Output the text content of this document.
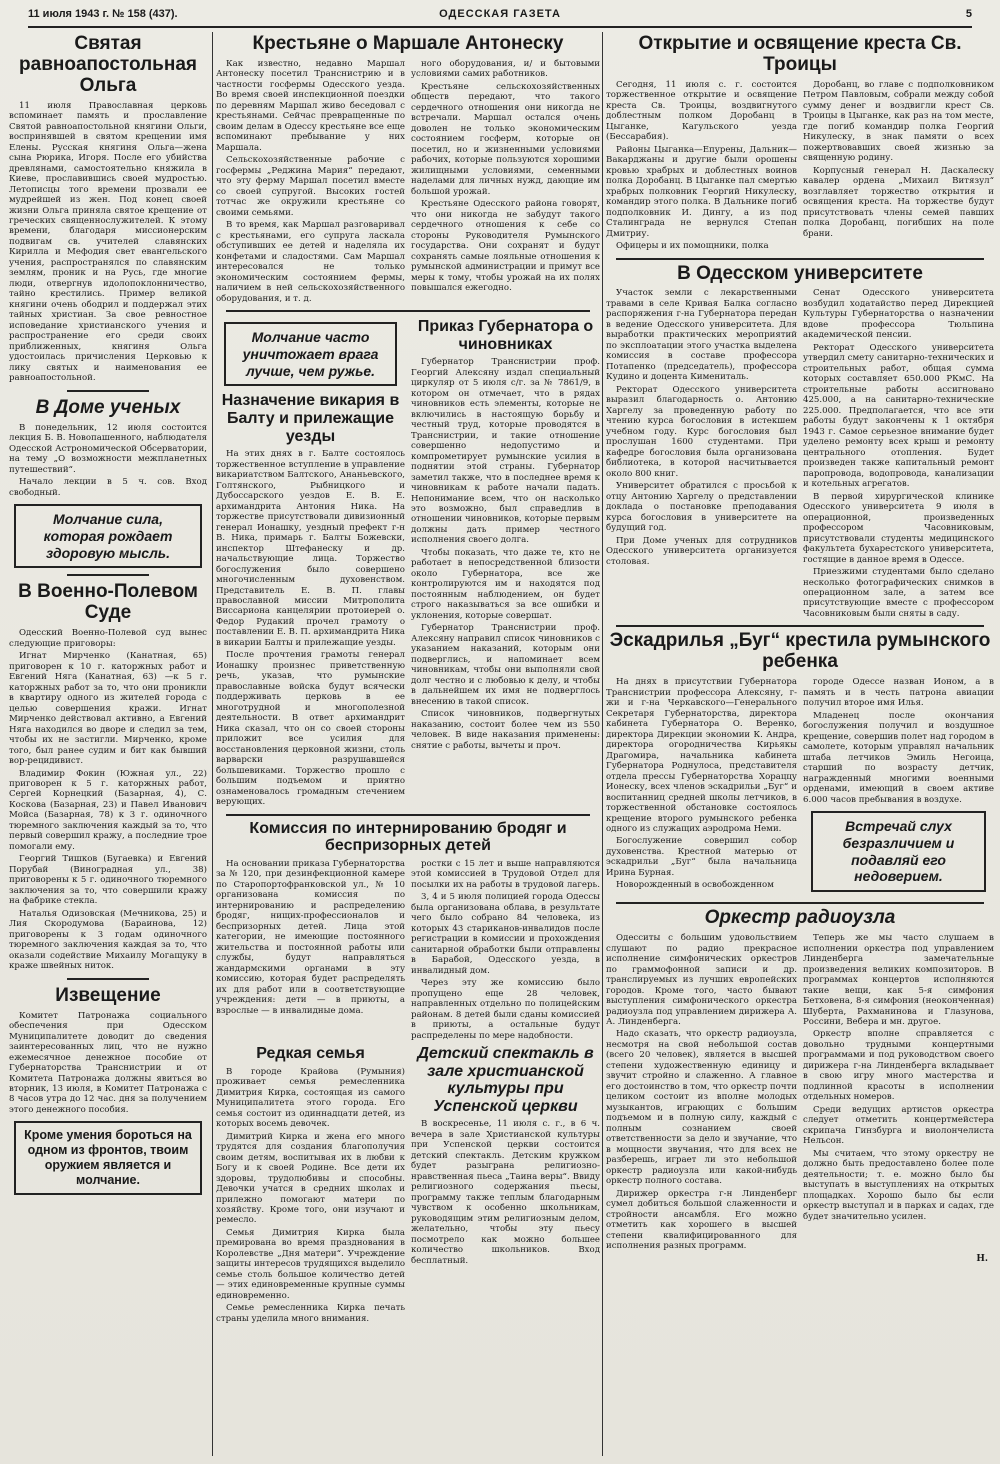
11 июля 1943 г. № 158 (437).	ОДЕССКАЯ ГАЗЕТА	5
Святая равноапостольная Ольга

11 июля Православная церковь вспоминает память и прославление Святой равноапостольной княгини Ольги, воспринявшей в святом крещении имя Елены. Русская княгиня Ольга—жена сына Рюрика, Игоря. После его убийства древлянами, самостоятельно княжила в Киеве, прославившись своей мудростью. Летописцы того времени прозвали ее мудрейшей из жен. Под конец своей жизни Ольга приняла святое крещение от греческих священнослужителей. К этому времени, благодаря миссионерским подвигам св. учителей славянских Кирилла и Мефодия свет евангельского учения, распространялся по славянским землям, проник и на Русь, где многие люди, отвергнув идолопоклонничество, тайно крестились. Пример великой княгини очень ободрил и поддержал этих тайных христиан. За свое ревностное исповедание христианского учения и распространение его среди своих приближенных, княгиня Ольга удостоилась причисления Церковью к лику святых и наименования ее равноапостольной.

В Доме ученых

В понедельник, 12 июля состоится лекция Б. В. Новопашенного, наблюдателя Одесской Астрономической Обсерватории, на тему „О возможности межпланетных путешествий“.

Начало лекции в 5 ч. сов. Вход свободный.

Молчание сила, которая рождает здоровую мысль.
В Военно-Полевом Суде

Одесский Военно-Полевой суд вынес следующие приговоры:

Игнат Мирченко (Канатная, 65) приговорен к 10 г. каторжных работ и Евгений Няга (Канатная, 63) —к 5 г. каторжных работ за то, что они проникли в квартиру одного из жителей города с целью совершения кражи. Игнат Мирченко действовал активно, а Евгений Няга находился во дворе и следил за тем, чтобы их не застигли. Мирченко, кроме того, был ранее судим и бит как бывший вор-рецидивист.

Владимир Фокин (Южная ул., 22) приговорен к 5 г. каторжных работ, Сергей Корнецкий (Базарная, 4), С. Коскова (Базарная, 23) и Павел Иванович Мойса (Базарная, 78) к 3 г. одиночного тюремного заключения каждый за то, что первый совершил кражу, а последние трое помогали ему.

Георгий Тишков (Бугаевка) и Евгений Порубай (Виноградная ул., 38) приговорены к 5 г. одиночного тюремного заключения за то, что совершили кражу на фабрике стекла.

Наталья Одизовская (Мечникова, 25) и Лия Скородумова (Бараинова, 12) приговорены к 3 годам одиночного тюремного заключения каждая за то, что оказали содействие Михаилу Могащуку в краже швейных ниток.

Извещение

Комитет Патронажа социального обеспечения при Одесском Муниципалитете доводит до сведения заинтересованных лиц, что не нужно ежемесячное денежное пособие от Губернаторства Транснистрии и от Комитета Патронажа должны явиться во вторник, 13 июля, в Комитет Патронажа с 8 часов утра до 12 час. дня за получением этого денежного пособия.

Кроме умения бороться на одном из фронтов, твоим оружием является и молчание.
Крестьяне о Маршале Антонеску

Как известно, недавно Маршал Антонеску посетил Транснистрию и в частности госфермы Одесского уезда. Во время своей инспекционной поездки по деревням Маршал живо беседовал с крестьянами. Сейчас превращенные по своим делам в Одессу крестьяне все еще вспоминают пребывание у них Маршала.

Сельскохозяйственные рабочие с госфермы „Реджина Мария“ передают, что эту ферму Маршал посетил вместе со своей супругой. Высоких гостей тотчас же окружили крестьяне со своими семьями.

В то время, как Маршал разговаривал с крестьянами, его супруга ласкала обступивших ее детей и наделяла их конфетами и сладостями. Сам Маршал интересовался не только экономическим состоянием фермы, наличием в ней сельскохозяйственного оборудования, и т. д.

ного оборудования, и/ и бытовыми условиями самих работников.

Крестьяне сельскохозяйственных обществ передают, что такого сердечного отношения они никогда не встречали. Маршал остался очень доволен не только экономическим состоянием госферм, которые он посетил, но и жизненными условиями рабочих, которые пользуются хорошими жилищными условиями, семенными наделами для личных нужд, дающие им большой урожай.

Крестьяне Одесского района говорят, что они никогда не забудут такого сердечного отношения к себе со стороны Руководителя Румынского государства. Они сохранят и будут сохранять самые лояльные отношения к румынской администрации и примут все меры к тому, чтобы урожай на их полях повышался ежегодно.

Молчание часто уничтожает врага лучше, чем ружье.
Назначение викария в Балту и прилежащие уезды

На этих днях в г. Балте состоялось торжественное вступление в управление викариатством Балтского, Ананьевского, Голтянского, Рыбницкого и Дубоссарского уездов Е. В. Е. архимандрита Антония Ника. На торжестве присутствовали дивизионный генерал Ионашку, уездный префект г-н В. Ника, примарь г. Балты Божевски, инспектор Штефанеску и др. начальствующие лица. Торжество богослужения было совершено многочисленным духовенством. Представитель Е. В. П. главы православной миссии Митрополита Виссариона канцелярии протоиерей о. Федор Рудакий прочел грамоту о поставлении Е. В. П. архимандрита Ника в викарии Балты и прилежащие уезды.

После прочтения грамоты генерал Ионашку произнес приветственную речь, указав, что румынские православные войска будут всячески поддерживать церковь в ее многотрудной и многополезной деятельности. В ответ архимандрит Ника сказал, что он со своей стороны приложит все усилия для восстановления церковной жизни, столь варварски разрушавшейся большевиками. Торжество прошло с большим подъемом и приятно ознаменовалось громадным стечением верующих.

Приказ Губернатора о чиновниках

Губернатор Транснистрии проф. Георгий Алексяну издал специальный циркуляр от 5 июля с/г. за № 7861/9, в котором он отмечает, что в рядах чиновников есть элементы, которые не включились в настоящую борьбу и честный труд, которые проводятся в Транснистрии, и такие отношение совершенно недопустимо и компрометирует румынские усилия в поднятии этой страны. Губернатор заметил также, что в последнее время к чиновникам к работе начали падать. Непонимание всем, что он насколько это возможно, был справедлив в отношении чиновников, которые первым должны дать пример честного исполнения своего долга.

Чтобы показать, что даже те, кто не работает в непосредственной близости около Губернатора, все же контролируются им и находятся под постоянным наблюдением, он будет строго наказываться за все ошибки и уклонения, которые совершат.

Губернатор Транснистрии проф. Алексяну направил список чиновников с указанием наказаний, которым они подверглись, и напоминает всем чиновникам, чтобы они выполняли свой долг честно и с любовью к делу, и чтобы в дальнейшем их имя не подверглось внесению в такой список.

Список чиновников, подвергнутых наказанию, состоит более чем из 550 человек. В виде наказания применены: снятие с работы, вычеты и проч.

Комиссия по интернированию бродяг и беспризорных детей

На основании приказа Губернаторства за № 120, при дезинфекционной камере по Старопортофранковской ул., № 10 организована комиссия по интернированию и распределению бродяг, нищих-профессионалов и беспризорных детей. Лица этой категории, не имеющие постоянного жительства и постоянной работы или службы, будут направляться жандармскими органами в эту комиссию, которая будет распределять их для работ или в соответствующие учреждения: дети — в приюты, а взрослые — в инвалидные дома.

ростки с 15 лет и выше направляются этой комиссией в Трудовой Отдел для посылки их на работы в трудовой лагерь.

3, 4 и 5 июля полицией города Одессы была организована облава, в результате чего было собрано 84 человека, из которых 43 стариканов-инвалидов после регистрации в комиссии и прохождения санитарной обработки были отправлены в Барабой, Одесского уезда, в инвалидный дом.

Через эту же комиссию было пропущено еще 28 человек, направленных отдельно по полицейским районам. 8 детей были сданы комиссией в приюты, а остальные будут распределены по мере надобности.

Редкая семья

В городе Крайова (Румыния) проживает семья ремесленника Димитрия Кирка, состоящая из самого Муниципалитета этого города. Его семья состоит из одиннадцати детей, из которых восемь девочек.

Димитрий Кирка и жена его много трудятся для создания благополучия своим детям, воспитывая их в любви к Богу и к своей Родине. Все дети их здоровы, трудолюбивы и способны. Девочки учатся в средних школах и прилежно помогают матери по хозяйству. Кроме того, они изучают и ремесло.

Семья Димитрия Кирка была премирована во время празднования в Королевстве „Дня матери“. Учреждение защиты интересов трудящихся выделило семье столь большое количество детей — этих единовременные крупные суммы единовременно.

Семье ремесленника Кирка печать страны уделила много внимания.

Детский спектакль в зале христианской культуры при Успенской церкви

В воскресенье, 11 июля с. г., в 6 ч. вечера в зале Христианской культуры при Успенской церкви состоится детский спектакль. Детским кружком будет разыграна религиозно-нравственная пьеса „Таина веры“. Ввиду религиозного содержания пьесы, программу также теплым благодарным чувством к особенно школьникам, руководящим этим религиозным делом, желательно, чтобы эту пьесу посмотрело как можно большее количество школьников. Вход бесплатный.

Открытие и освящение креста Св. Троицы

Сегодня, 11 июля с. г. состоится торжественное открытие и освящение креста Св. Троицы, воздвигнутого доблестным полком Доробанц в Цыганке, Кагульского уезда (Бессарабия).

Районы Цыганка—Епурены, Дальник—Вакарджаны и другие были орошены кровью храбрых и доблестных воинов полка Доробанц. В Цыганке пал смертью храбрых полковник Георгий Никулеску, командир этого полка. В Дальнике погиб подполковник И. Дингу, а из под Сталинграда не вернулся Степан Дмитриу.

Офицеры и их помощники, полка

Доробанц, во главе с подполковником Петром Павловым, собрали между собой сумму денег и воздвигли крест Св. Троицы в Цыганке, как раз на том месте, где погиб командир полка Георгий Никулеску, в знак памяти о всех пожертвовавших своей жизнью за священную родину.

Корпусный генерал Н. Даскалеску кавалер ордена „Михаил Витязул“ возглавляет торжество открытия и освящения креста. На торжестве будут присутствовать члены семей павших полка Доробанц, погибших на поле брани.

В Одесском университете

Участок земли с лекарственными травами в селе Кривая Балка согласно распоряжения г-на Губернатора передан в ведение Одесского университета. Для выработки практических мероприятий по эксплоатации этого участка выделена комиссия в составе профессора Потапенко (председатель), профессора Кудино и доцента Кимениталь.

Ректорат Одесского университета выразил благодарность о. Антонию Харгелу за проведенную работу по чтению курса богословия в истекшем учебном году. Курс богословия был прослушан 1600 студентами. При кафедре богословия была организована библиотека, в которой насчитывается около 800 книг.

Университет обратился с просьбой к отцу Антонию Харгелу о представлении доклада о постановке преподавания курса богословия в университете на будущий год.

При Доме ученых для сотрудников Одесского университета организуется столовая.

Сенат Одесского университета возбудил ходатайство перед Дирекцией Культуры Губернаторства о назначении вдове профессора Тюльпина академической пенсии.

Ректорат Одесского университета утвердил смету санитарно-технических и строительных работ, общая сумма которых составляет 650.000 РКмС. На строительные работы ассигновано 425.000, а на санитарно-технические 225.000. Предполагается, что все эти работы будут закончены к 1 октября 1943 г. Самое серьезное внимание будет уделено ремонту всех крыш и ремонту центрального отопления. Будет произведен также капитальный ремонт паропровода, водопровода, канализации и котельных агрегатов.

В первой хирургической клинике Одесского университета 9 июля в операционной, произведенных профессором Часовниковым, присутствовали студенты медицинского факультета бухарестского университета, гостящие в данное время в Одессе.

Приезжими студентами было сделано несколько фотографических снимков в операционном зале, а затем все присутствующие вместе с профессором Часовниковым были сняты в саду.

Эскадрилья „Буг“ крестила румынского ребенка

На днях в присутствии Губернатора Транснистрии профессора Алексяну, г-жи и г-на Черкавского—Генерального Секретаря Губернаторства, директора кабинета Губернатора О. Веренко, директора Дирекции экономии К. Андра, директора огородничества Кирьякы Драгомира, начальника кабинета Губернатора Роднулоса, представителя отдела прессы Губернаторства Хораццу Ионеску, всех членов эскадрильи „Буг“ и воспитанниц средней школы летчиков, в торжественной обстановке состоялось крещение второго румынского ребенка одного из служащих аэродрома Неми.

Богослужение совершил собор духовенства. Крестной матерью от эскадрильи „Буг“ была начальница Ирина Бурная.

Новорожденный в освобожденном

городе Одессе назван Ионом, а в память и в честь патрона авиации получил второе имя Илья.

Младенец после окончания богослужения получил и воздушное крещение, совершив полет над городом в самолете, которым управлял начальник штаба летчиков Эмиль Негоица, старший по возрасту детчик, награжденный многими военными орденами, имеющий в своем активе 6.000 часов пребывания в воздухе.

Встречай слух безразличием и подавляй его недоверием.
Оркестр радиоузла

Одесситы с большим удовольствием слушают по радио прекрасное исполнение симфонических оркестров по граммофонной записи и др. транслируемых из лучших европейских городов. Кроме того, часто бывают выступления симфонического оркестра радиоузла под управлением дирижера А. А. Линденберга.

Надо сказать, что оркестр радиоузла, несмотря на свой небольшой состав (всего 20 человек), является в высшей степени художественную единицу и звучит стройно и слаженно. А главное его достоинство в том, что оркестр почти целиком состоит из вполне молодых музыкантов, играющих с большим подъемом и в полную силу, каждый с полным сознанием своей ответственности за дело и звучание, что в мощности звучания, что для всех не разберешь, играет ли это небольшой оркестр радиоузла или какой-нибудь оркестр полного состава.

Дирижер оркестра г-н Линденберг сумел добиться большой слаженности и стройности ансамбля. Его можно отметить как хорошего в высшей степени квалифицированного для исполнения разных программ.

Теперь же мы часто слушаем в исполнении оркестра под управлением Линденберга замечательные произведения великих композиторов. В программах концертов исполняются такие вещи, как 5-я симфония Бетховена, 8-я симфония (неоконченная) Шуберта, Рахманинова и Глазунова, Россини, Вебера и мн. другое.

Оркестр вполне справляется с довольно трудными концертными программами и под руководством своего дирижера г-на Линденберга вкладывает в свою игру много мастерства и подлинной красоты в исполнении отдельных номеров.

Среди ведущих артистов оркестра следует отметить концертмейстера скрипача Гинзбурга и виолончелиста Нельсон.

Мы считаем, что этому оркестру не должно быть предоставлено более поле деятельности; т. е. можно было бы выступать в выступлениях на открытых площадках. Хорошо было бы если оркестр выступал и в парках и садах, где будет значительно усилен.

Н.
